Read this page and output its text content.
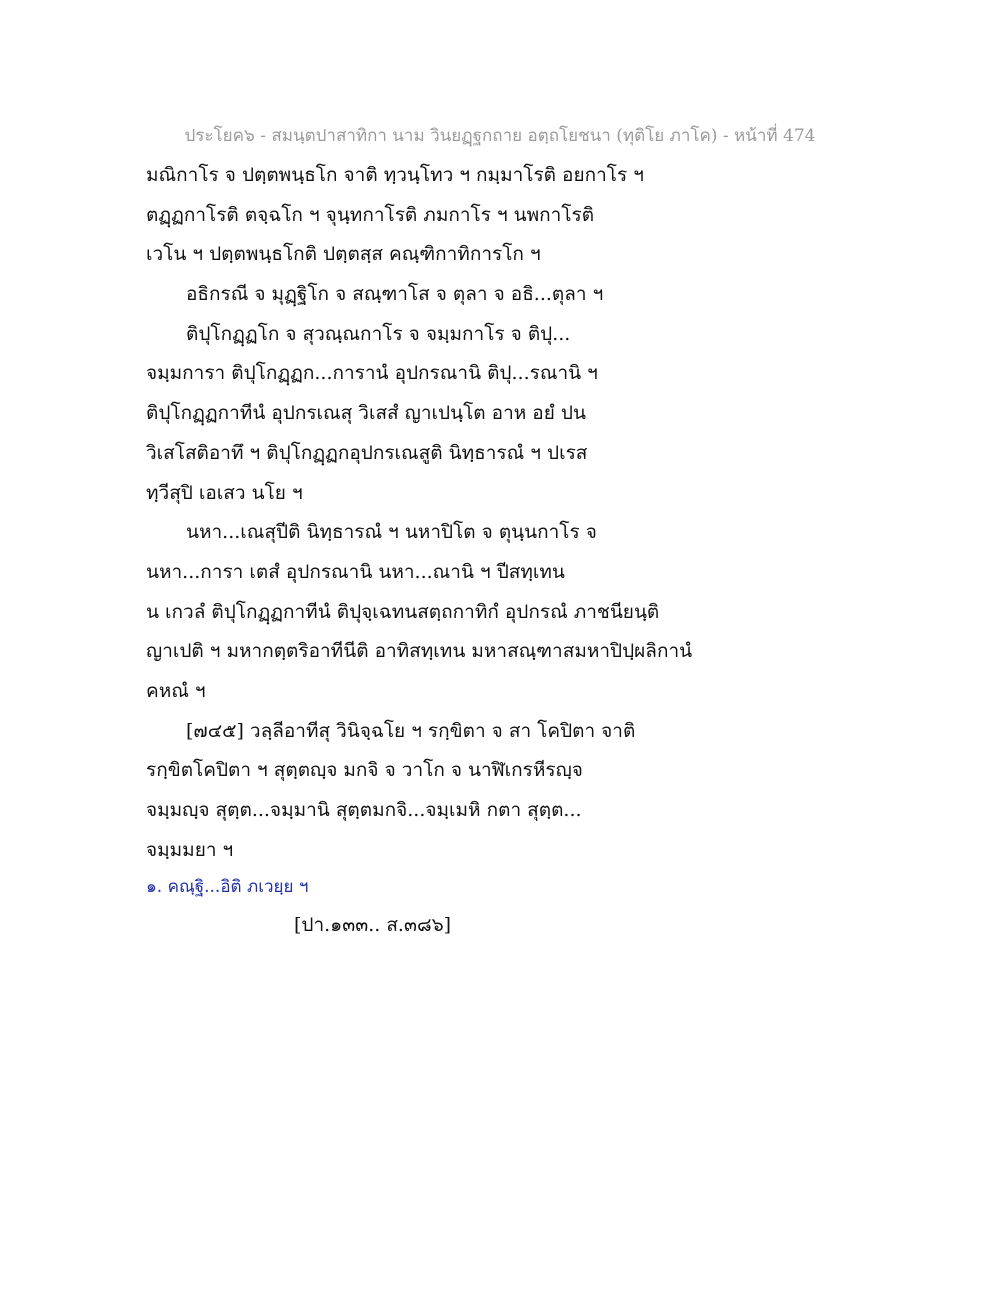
ประโยค๖ - สมนฺตปาสาทิกา นาม วินยฏฺฐกถาย อตฺถโยชนา (ทุติโย ภาโค) - หน้าที่ 474
มณิกาโร จ ปตฺตพนฺธโก จาติ ทฺวนฺโทว ฯ กมฺมาโรติ อยกาโร ฯ
ตฏฺฏกาโรติ ตจฺฉโก ฯ จุนฺทกาโรติ ภมกาโร ฯ นพกาโรติ
เวโน ฯ ปตฺตพนฺธโกติ ปตฺตสฺส คณฺฑิกาทิการโก ฯ
อธิกรณี จ มุฏฺฐิโก จ สณฺฑาโส จ ตุลา จ อธิ...ตุลา ฯ
ติปุโกฏฺฏโก จ สุวณฺณกาโร จ จมฺมกาโร จ ติปุ...
จมฺมการา ติปุโกฏฺฏก...การานํ อุปกรณานิ ติปุ...รณานิ ฯ
ติปุโกฏฺฏกาทีนํ อุปกรเณสุ วิเสสํ ญาเปนฺโต อาห อยํ ปน
วิเสโสติอาทึ ฯ ติปุโกฏฺฏกอุปกรเณสูติ นิทฺธารณํ ฯ ปเรส
ทฺวีสุปิ เอเสว นโย ฯ
นหา...เณสุปีติ นิทฺธารณํ ฯ นหาปิโต จ ตุนฺนกาโร จ
นหา...การา เตสํ อุปกรณานิ นหา...ณานิ ฯ ปีสทฺเทน
น เกวลํ ติปุโกฏฺฏกาทีนํ ติปุจฺเฉทนสตฺถกาทิกํ อุปกรณํ ภาชนียนฺติ
ญาเปติ ฯ มหากตฺตริอาทีนีติ อาทิสทฺเทน มหาสณฺฑาสมหาปิปฺผลิกานํ
คหณํ ฯ
[๗๔๕] วลฺลีอาทีสุ วินิจฺฉโย ฯ รกฺขิตา จ สา โคปิตา จาติ
รกฺขิตโคปิตา ฯ สุตฺตญฺจ มกจิ จ วาโก จ นาฬิเกรหีรญฺจ
จมฺมญฺจ สุตฺต...จมฺมานิ สุตฺตมกจิ...จมฺเมหิ กตา สุตฺต...
จมฺมมยา ฯ
๑. คณฺฐิ...อิติ ภเวยฺย ฯ
[ปา.๑๓๓.. ส.๓๘๖]
